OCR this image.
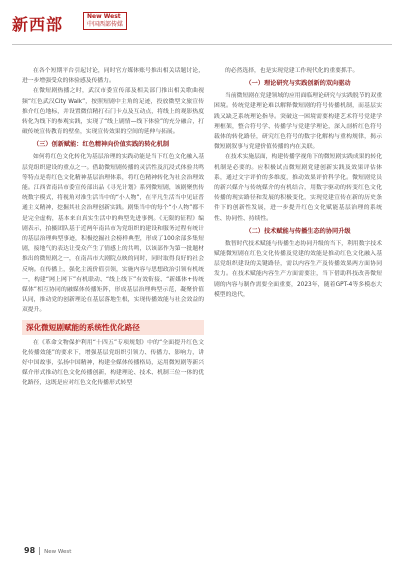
新西部	New West
中国西部传媒

在各个短期平台引起讨论，同时官方媒体账号推出相关话题讨论，进一步增强受众的体验感及传播力。

在微短剧热播之时，武汉市委宣传部及相关部门推出相关歌曲视频“红色武汉City Walk”，按照短剧中主角的足迹，投放微型文旅宣传推介红色地标，并设置微信精打石门卡点及互动点，将线上的观影热度转化为线下的参观实践，实现了“线上剧情—线下体验”的充分融合，打破传统宣传教育的壁垒，实现宣传效果的空间的延伸与拓展。

（三）创新赋能：红色精神向价值实践的转化机制

如何将红色文化转化为基层治理的实践动能是当下红色文化融入基层党组织建设的重点之一。借助微短剧传播的灵活性及沉浸式体验共鸣等特点是将红色文化精神基层治理体系，将红色精神转化为社会治理效能。江西省南昌市委宣传部出品《寻光计划》系列微短剧，该剧聚焦传统数字模式，将视角对准生活当中的“小人物”，在平凡生活当中见证普通主义精神，挖掘其社会治理创新实践。剧集当中的每个“小人物”都不是完全虚构，基本来自真实生活中的典型先进事例。《无限的征程》编剧表示，拍摄团队基于近两年南昌市为党组织的建设和服务过程有统计的基层治理典型事迹，积极挖掘社会榜样典型，形成了100余部多集短剧，接地气的表达让受众产生了情感上的共鸣，以该部作为第一批题材推出的微短剧之一，在南昌市大剧院点映的同时，同时取得良好的社会反响。在传播上，强化主流价值引领，实施内容与思想政治引领有机统一，构建“网上网下”有机联动、“线上线下”有效衔接、“新媒体+传统媒体”相互协同的融媒体传播矩阵，形成基层治理典型示范，凝聚价值认同，推动党的创新理论在基层落地生根，实现传播效能与社会效益的双提升。

深化微短剧赋能的系统性优化路径

在《革命文物保护利用“十四五”专项规划》中的“全面提升红色文化传播效能”的要求下，增强基层党组织引领力、传播力、影响力，讲好中国故事，弘扬中国精神，构建全媒体传播格局，运用微短剧等新兴媒介形式推动红色文化传播创新，构建理论、技术、机制三位一体的优化路径，这既是应对红色文化传播形式转型

的必然选择，也是实现党建工作现代化的重要抓手。

（一）理论研究与实践创新的双向驱动

当前微短剧在党建领域的应用面临理论研究与实践脱节的双重困境。传统党建理论难以解释微短剧的符号传播机制，而基层实践又缺乏系统理论指导。突破这一困境需要构建艺术符号党建学理框架，整合符号学、传播学与党建学理论，深入剖析红色符号载体的转化路径，研究红色符号的数字化解构与重构规律，揭示微短剧叙事与党建价值传播的内在关联。

在技术实施层面，构建传播学视角下的微短剧实践成果的转化机制是必要的。应积极试点微短剧党建创新实践及效果评估体系，通过文字评价的多维度，推动效果评价科学化。微短剧党员的新兴媒介与传统媒介的有机结合，用数字驱动的转变红色文化传播的现实路径和发展的积极变化，实现党建宣传在新的历史条件下的创新性发展，进一步提升红色文化赋能基层治理的系统性、协同性、持续性。

（二）技术赋能与传播生态的协同升级

数智时代技术赋能与传播生态协同升级的当下，利用数字技术赋能微短剧在红色文化传播及党建的效能是推动红色文化融入基层党组织建设的关键路径，需以内容生产及传播效果两方面协同发力。在技术赋能内容生产方面需要注，当下借助科技改善微短剧的内容与制作需要全面重要，2023年，随着GPT-4等多模态大模型的迭代，

98 New West
